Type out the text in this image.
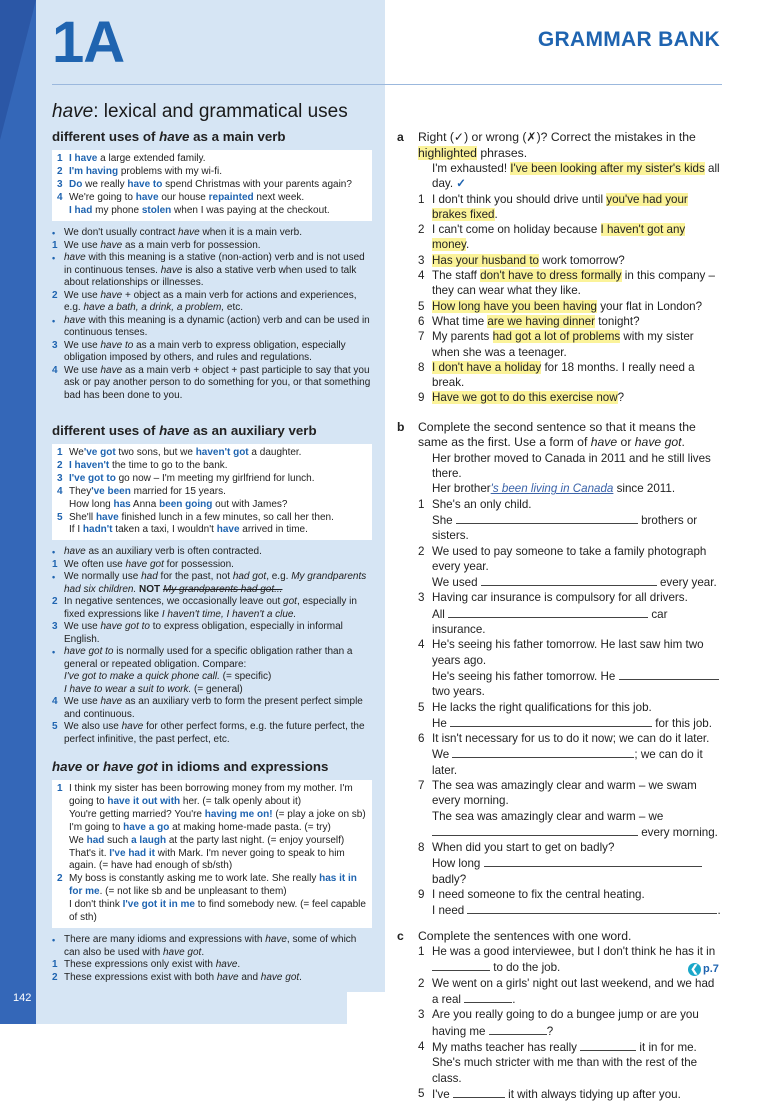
1A	GRAMMAR BANK
have: lexical and grammatical uses
different uses of have as a main verb
1 I have a large extended family.
2 I'm having problems with my wi-fi.
3 Do we really have to spend Christmas with your parents again?
4 We're going to have our house repainted next week.
I had my phone stolen when I was paying at the checkout.
• We don't usually contract have when it is a main verb.
1 We use have as a main verb for possession.
• have with this meaning is a stative (non-action) verb and is not used in continuous tenses. have is also a stative verb when used to talk about relationships or illnesses.
2 We use have + object as a main verb for actions and experiences, e.g. have a bath, a drink, a problem, etc.
• have with this meaning is a dynamic (action) verb and can be used in continuous tenses.
3 We use have to as a main verb to express obligation, especially obligation imposed by others, and rules and regulations.
4 We use have as a main verb + object + past participle to say that you ask or pay another person to do something for you, or that something bad has been done to you.
different uses of have as an auxiliary verb
1 We've got two sons, but we haven't got a daughter.
2 I haven't the time to go to the bank.
3 I've got to go now – I'm meeting my girlfriend for lunch.
4 They've been married for 15 years.
How long has Anna been going out with James?
5 She'll have finished lunch in a few minutes, so call her then.
If I hadn't taken a taxi, I wouldn't have arrived in time.
• have as an auxiliary verb is often contracted.
1 We often use have got for possession.
• We normally use had for the past, not had got, e.g. My grandparents had six children. NOT My grandparents had got...
2 In negative sentences, we occasionally leave out got, especially in fixed expressions like I haven't time, I haven't a clue.
3 We use have got to to express obligation, especially in informal English.
• have got to is normally used for a specific obligation rather than a general or repeated obligation. Compare:
I've got to make a quick phone call. (= specific)
I have to wear a suit to work. (= general)
4 We use have as an auxiliary verb to form the present perfect simple and continuous.
5 We also use have for other perfect forms, e.g. the future perfect, the perfect infinitive, the past perfect, etc.
have or have got in idioms and expressions
1 I think my sister has been borrowing money from my mother. I'm going to have it out with her. (= talk openly about it)
You're getting married? You're having me on! (= play a joke on sb)
I'm going to have a go at making home-made pasta. (= try)
We had such a laugh at the party last night. (= enjoy yourself)
That's it. I've had it with Mark. I'm never going to speak to him again. (= have had enough of sb/sth)
2 My boss is constantly asking me to work late. She really has it in for me. (= not like sb and be unpleasant to them)
I don't think I've got it in me to find somebody new. (= feel capable of sth)
• There are many idioms and expressions with have, some of which can also be used with have got.
1 These expressions only exist with have.
2 These expressions exist with both have and have got.
142
a	Right (✓) or wrong (✗)? Correct the mistakes in the highlighted phrases.
I'm exhausted! I've been looking after my sister's kids all day. ✓
1 I don't think you should drive until you've had your brakes fixed.
2 I can't come on holiday because I haven't got any money.
3 Has your husband to work tomorrow?
4 The staff don't have to dress formally in this company – they can wear what they like.
5 How long have you been having your flat in London?
6 What time are we having dinner tonight?
7 My parents had got a lot of problems with my sister when she was a teenager.
8 I don't have a holiday for 18 months. I really need a break.
9 Have we got to do this exercise now?
b	Complete the second sentence so that it means the same as the first. Use a form of have or have got.
Her brother moved to Canada in 2011 and he still lives there.
Her brother's been living in Canada since 2011.
1 She's an only child.
She	brothers or sisters.
2 We used to pay someone to take a family photograph every year.
We used	every year.
3 Having car insurance is compulsory for all drivers.
All	car insurance.
4 He's seeing his father tomorrow. He last saw him two years ago.
He's seeing his father tomorrow. He
two years.
5 He lacks the right qualifications for this job.
He	for this job.
6 It isn't necessary for us to do it now; we can do it later.
We	; we can do it later.
7 The sea was amazingly clear and warm – we swam every morning.
The sea was amazingly clear and warm – we
every morning.
8 When did you start to get on badly?
How long  badly?
9 I need someone to fix the central heating.
I need	.
c	Complete the sentences with one word.
1 He was a good interviewee, but I don't think he has it in  to do the job.
2 We went on a girls' night out last weekend, and we had a real	.
3 Are you really going to do a bungee jump or are you having me	?
4 My maths teacher has really	it in for me. She's much stricter with me than with the rest of the class.
5 I've	it with always tidying up after you.
❮ p.7
